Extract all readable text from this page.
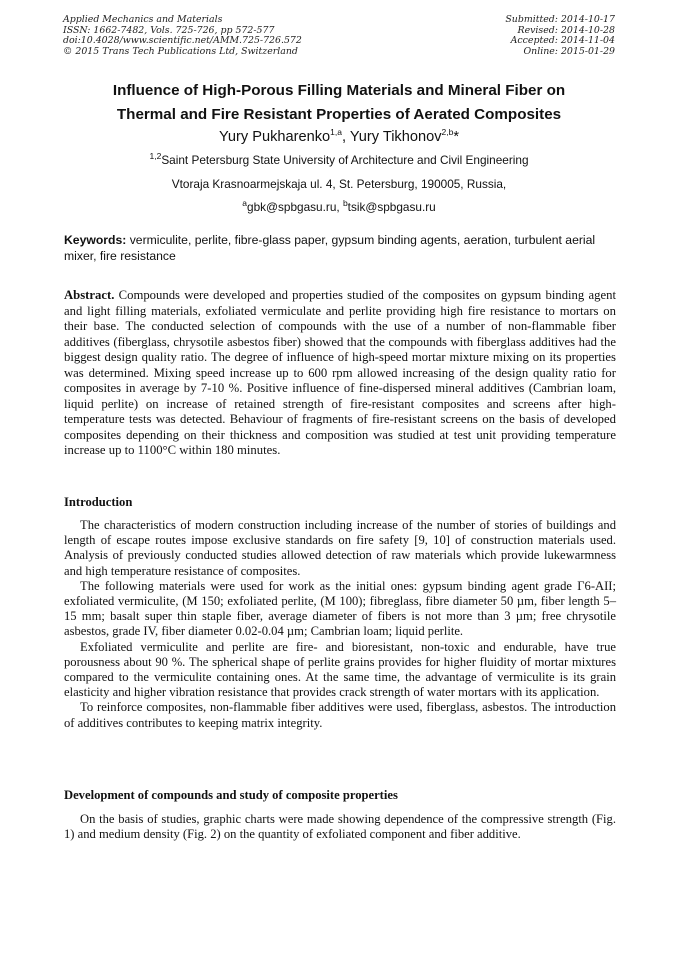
Applied Mechanics and Materials
ISSN: 1662-7482, Vols. 725-726, pp 572-577
doi:10.4028/www.scientific.net/AMM.725-726.572
© 2015 Trans Tech Publications Ltd, Switzerland
Submitted: 2014-10-17
Revised: 2014-10-28
Accepted: 2014-11-04
Online: 2015-01-29
Influence of High-Porous Filling Materials and Mineral Fiber on
Thermal and Fire Resistant Properties of Aerated Composites
Yury Pukharenko$^{1,a}$, Yury Tikhonov$^{2,b}$*
$^{1,2}$Saint Petersburg State University of Architecture and Civil Engineering
Vtoraja Krasnoarmejskaja ul. 4, St. Petersburg, 190005, Russia,
$^a$gbk@spbgasu.ru, $^b$tsik@spbgasu.ru
Keywords: vermiculite, perlite, fibre-glass paper, gypsum binding agents, aeration, turbulent aerial mixer, fire resistance
Abstract. Compounds were developed and properties studied of the composites on gypsum binding agent and light filling materials, exfoliated vermiculate and perlite providing high fire resistance to mortars on their base. The conducted selection of compounds with the use of a number of non-flammable fiber additives (fiberglass, chrysotile asbestos fiber) showed that the compounds with fiberglass additives had the biggest design quality ratio. The degree of influence of high-speed mortar mixture mixing on its properties was determined. Mixing speed increase up to 600 rpm allowed increasing of the design quality ratio for composites in average by 7-10 %. Positive influence of fine-dispersed mineral additives (Cambrian loam, liquid perlite) on increase of retained strength of fire-resistant composites and screens after high-temperature tests was detected. Behaviour of fragments of fire-resistant screens on the basis of developed composites depending on their thickness and composition was studied at test unit providing temperature increase up to 1100°C within 180 minutes.
Introduction

The characteristics of modern construction including increase of the number of stories of buildings and length of escape routes impose exclusive standards on fire safety [9, 10] of construction materials used. Analysis of previously conducted studies allowed detection of raw materials which provide lukewarmness and high temperature resistance of composites.

The following materials were used for work as the initial ones: gypsum binding agent grade Г6-АII; exfoliated vermiculite, (M 150; exfoliated perlite, (M 100); fibreglass, fibre diameter 50 µm, fiber length 5–15 mm; basalt super thin staple fiber, average diameter of fibers is not more than 3 µm; free chrysotile asbestos, grade IV, fiber diameter 0.02-0.04 µm; Cambrian loam; liquid perlite.

Exfoliated vermiculite and perlite are fire- and bioresistant, non-toxic and endurable, have true porousness about 90 %. The spherical shape of perlite grains provides for higher fluidity of mortar mixtures compared to the vermiculite containing ones. At the same time, the advantage of vermiculite is its grain elasticity and higher vibration resistance that provides crack strength of water mortars with its application.

To reinforce composites, non-flammable fiber additives were used, fiberglass, asbestos. The introduction of additives contributes to keeping matrix integrity.

Development of compounds and study of composite properties

On the basis of studies, graphic charts were made showing dependence of the compressive strength (Fig. 1) and medium density (Fig. 2) on the quantity of exfoliated component and fiber additive.
